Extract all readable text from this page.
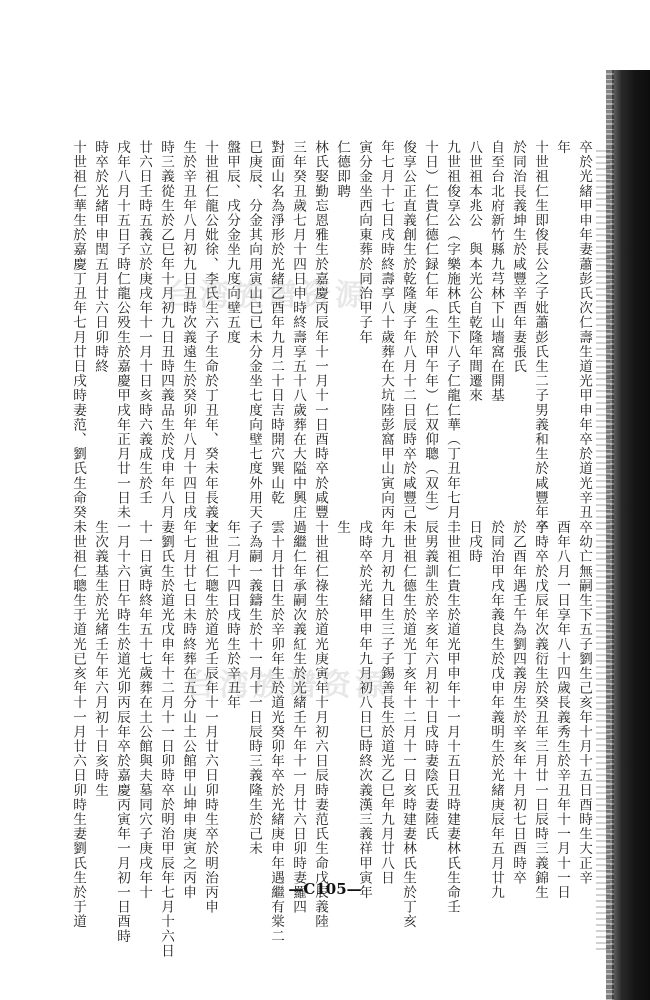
卒於光緒甲申年妻蕭彭氏次仁壽生道光甲申年卒於道光辛丑
年
十世祖仁生即俊長公之子妣蕭彭氏生二子男義和生於咸豐年卒
於同治長義坤生於咸豐辛酉年妻張氏
自至台北府新竹縣九芎林下山墻窩在開基
八世祖本兆公　與本光公自乾隆年間遷來
九世祖俊享公（字樂施林氏生下八子仁龍仁華（丁丑年七月二
十日）仁貴仁德仁録仁年（生於甲午年）仁双仰聰（双生）
俊享公正直義創生於乾隆庚子年八月十二日辰時卒於咸豐己未
年七月十七日戌時終壽享八十歲葬在大坑陸彭窩甲山寅向丙
寅分金坐西向東葬於同治甲子年
仁德即聘
林氏娶勤忘恩雅生於嘉慶丙辰年十一月十一日酉時卒於咸豐
三年癸丑歲七月十四日申時終壽享五十八歲葬在大隘中興庄
對面山名為淨形於光緒乙酉年九月二十日吉時開穴巽山乾
巳庚辰、分金其向用寅山巳已未分金坐七度向壁七度外用天
盤甲辰、戌分金坐九度向壁五度
十世祖仁龍公妣徐、李氏生六子生命於丁丑年、癸未年長義文
生於辛丑年八月初九日丑時次義遠生於癸卯年八月十四日戌
時三義從生於乙巳年十月初九日丑時四義品生於戊申年八月
廿六日壬時五義立於庚戌年十一月十日亥時六義成生於壬
戌年八月十五日子時仁龍公殁生於嘉慶甲戌年正月廿一日未
時卒於光緒甲申閏五月廿六日卯時終
十世祖仁華生於嘉慶丁丑年七月廿日戌時妻范、劉氏生命癸未
卒幼亡無嗣生下五子劉生己亥年十月十五日酉時生大正辛
酉年八月一日享年八十四歲長義秀生於辛丑年十一月十一日
子時卒於戊辰年次義衍生於癸丑年三月廿一日辰時三義錦生
於乙酉年遇壬午為劉四義房生於辛亥年十月初七日酉時卒
於同治甲戌年義良生於戊申年義明生於光緒庚辰年五月廿九
日戌時
十世祖仁貴生於道光甲申年十一月十五日丑時建妻林氏生命壬
辰男義訓生於辛亥年六月初十日戌時妻陰氏妻陸氏
十世祖仁德生於道光丁亥年十二月十一日亥時建妻林氏生於丁亥
年九月初九日生三子子錫善長生於道光乙巳年九月廿八日
戌時卒於光緒甲申年九月初八日巳時終次義漢三義祥甲寅年
生
十世祖仁祿生於道光庚寅年十月初六日辰時妻范氏生命戊辰義陸
過繼仁年承嗣次義紅生於光緒壬午年十一月廿六日卯時妻羅四
雲十月廿日生於辛卯年生於道光癸卯年卒於光緒庚申年遇繼有棠二
子為嗣一義鑄生於十一月十一日辰時三義隆生於己未
年二月十四日戌時生於辛丑年
十世祖仁聰生於道光壬辰年十一月廿六日卯時生卒於明治丙申
年七月廿七日未時終葬在五分山土公館甲山坤申庚寅之丙申
妻劉氏生於道光戊申年十二月十一日卯時卒於明治甲辰年七月十六日
十一日寅時終年五十七歲葬在土公館與夫墓同穴子庚戌年十
一月十六日午時生於道光卯丙辰年卒於嘉慶丙寅年一月初一日酉時
生次義基生於光緒壬午年六月初十日亥時生
十世祖仁聰生于道光已亥年十一月廿六日卯時生妻劉氏生於于道
台湾族谱资源
台湾族谱资源
—C105—
